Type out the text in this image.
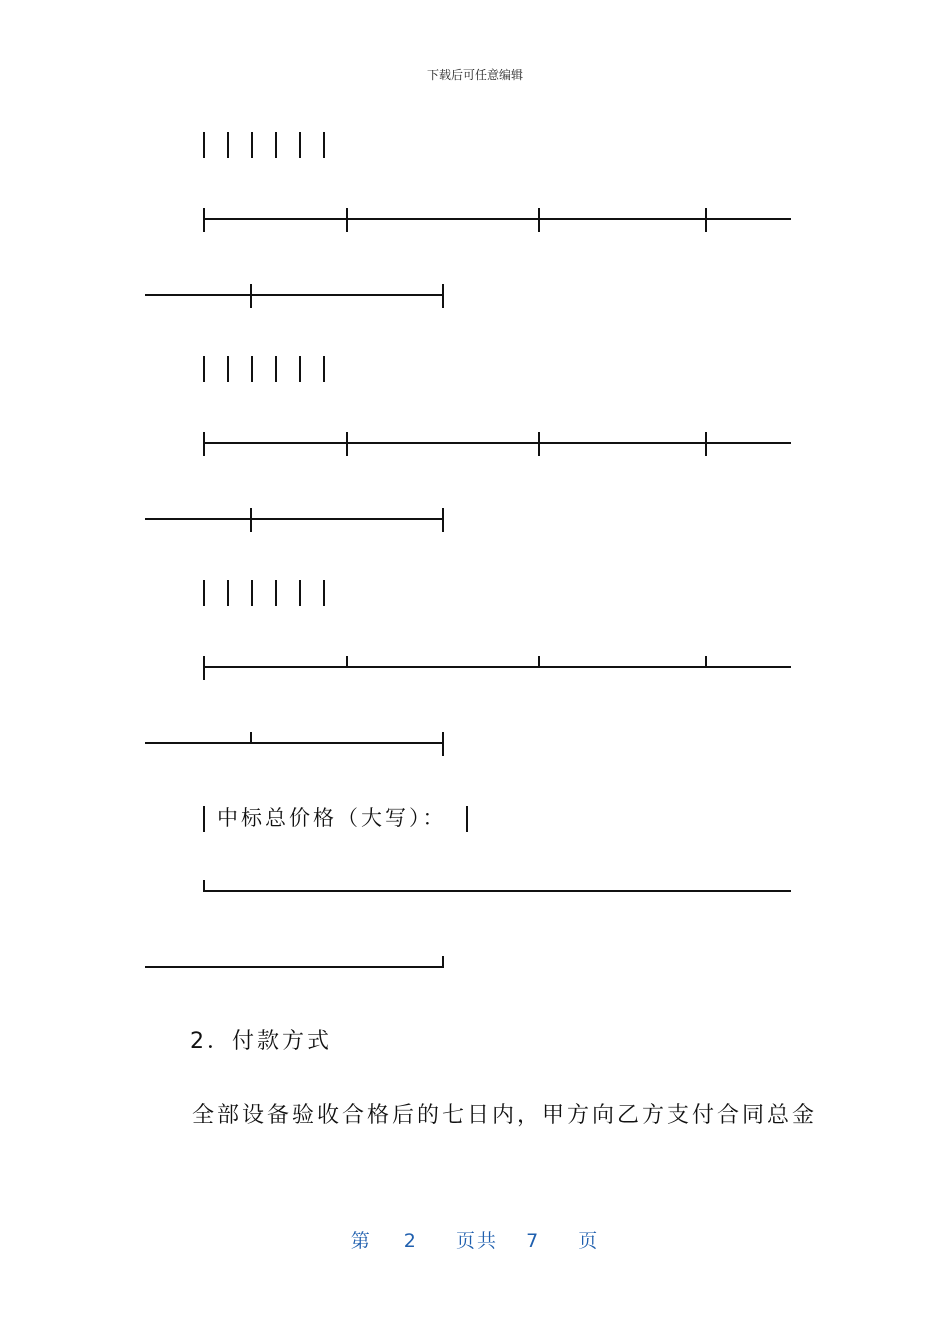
下载后可任意编辑
中标总价格（大写）：
2．付款方式
全部设备验收合格后的七日内，甲方向乙方支付合同总金
第 2 页共 7 页
